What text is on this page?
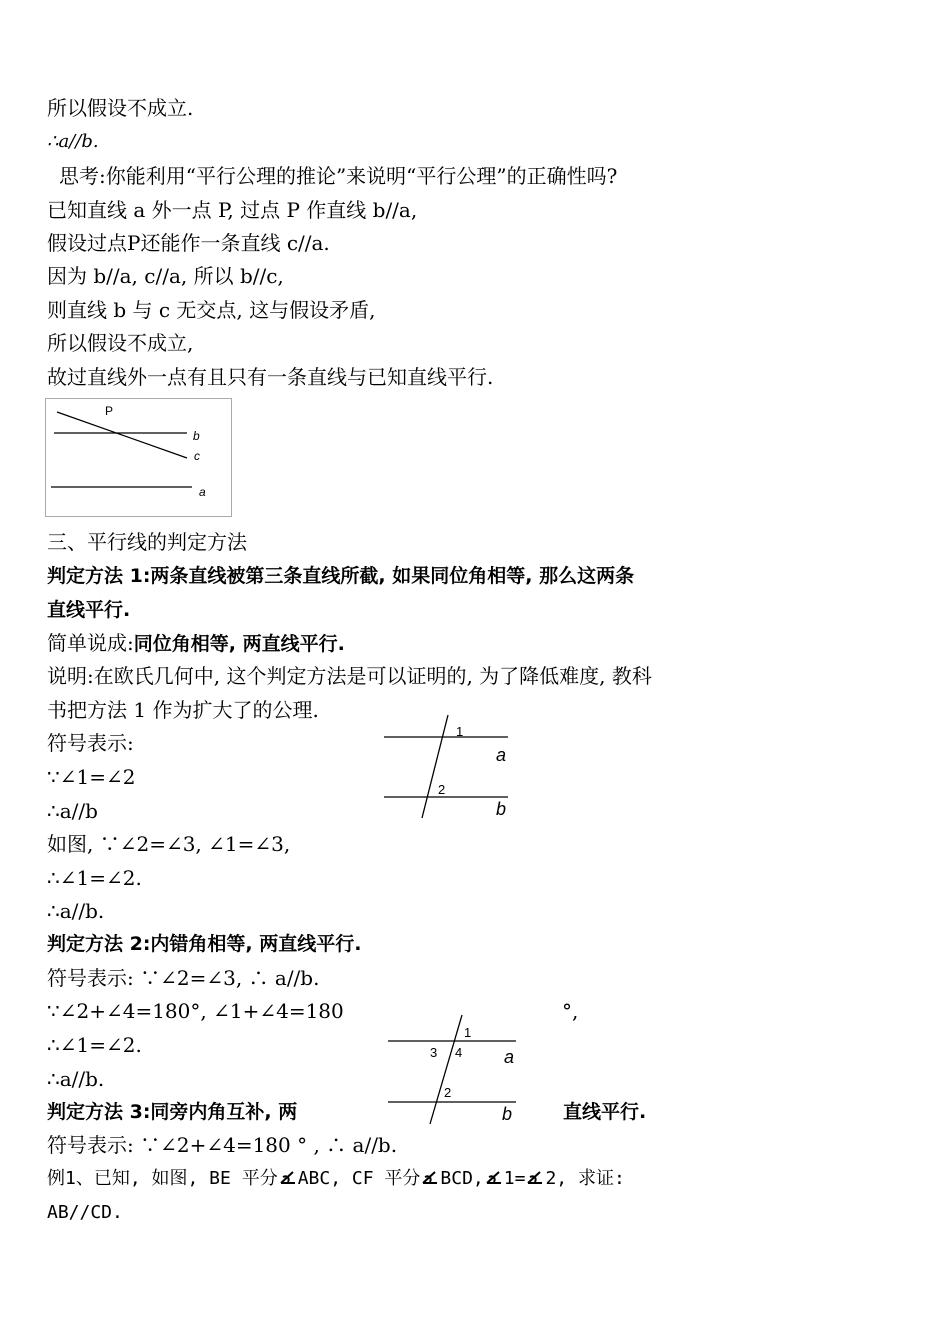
所以假设不成立.
∴a//b.
思考:你能利用“平行公理的推论”来说明“平行公理”的正确性吗?
已知直线 a 外一点 P, 过点 P 作直线 b//a,
假设过点P还能作一条直线 c//a.
因为 b//a, c//a, 所以 b//c,
则直线 b 与 c 无交点, 这与假设矛盾,
所以假设不成立,
故过直线外一点有且只有一条直线与已知直线平行.
P
b
c
a
三、平行线的判定方法
判定方法 1:两条直线被第三条直线所截, 如果同位角相等, 那么这两条
直线平行.
简单说成:同位角相等, 两直线平行.
说明:在欧氏几何中, 这个判定方法是可以证明的, 为了降低难度, 教科
书把方法 1 作为扩大了的公理.
符号表示:
∵∠1=∠2
∴a//b
如图, ∵∠2=∠3, ∠1=∠3,
∴∠1=∠2.
∴a//b.
1
2
a
b
判定方法 2:内错角相等, 两直线平行.
符号表示: ∵∠2=∠3, ∴ a//b.
∵∠2+∠4=180°, ∠1+∠4=180	°,
∴∠1=∠2.
∴a//b.
1
3 4
2
a
b
判定方法 3:同旁内角互补, 两	直线平行.
符号表示: ∵∠2+∠4=180 ° , ∴ a//b.
例1、已知, 如图, BE 平分 ABC, CF 平分 BCD, 1= 2, 求证:
AB//CD.
